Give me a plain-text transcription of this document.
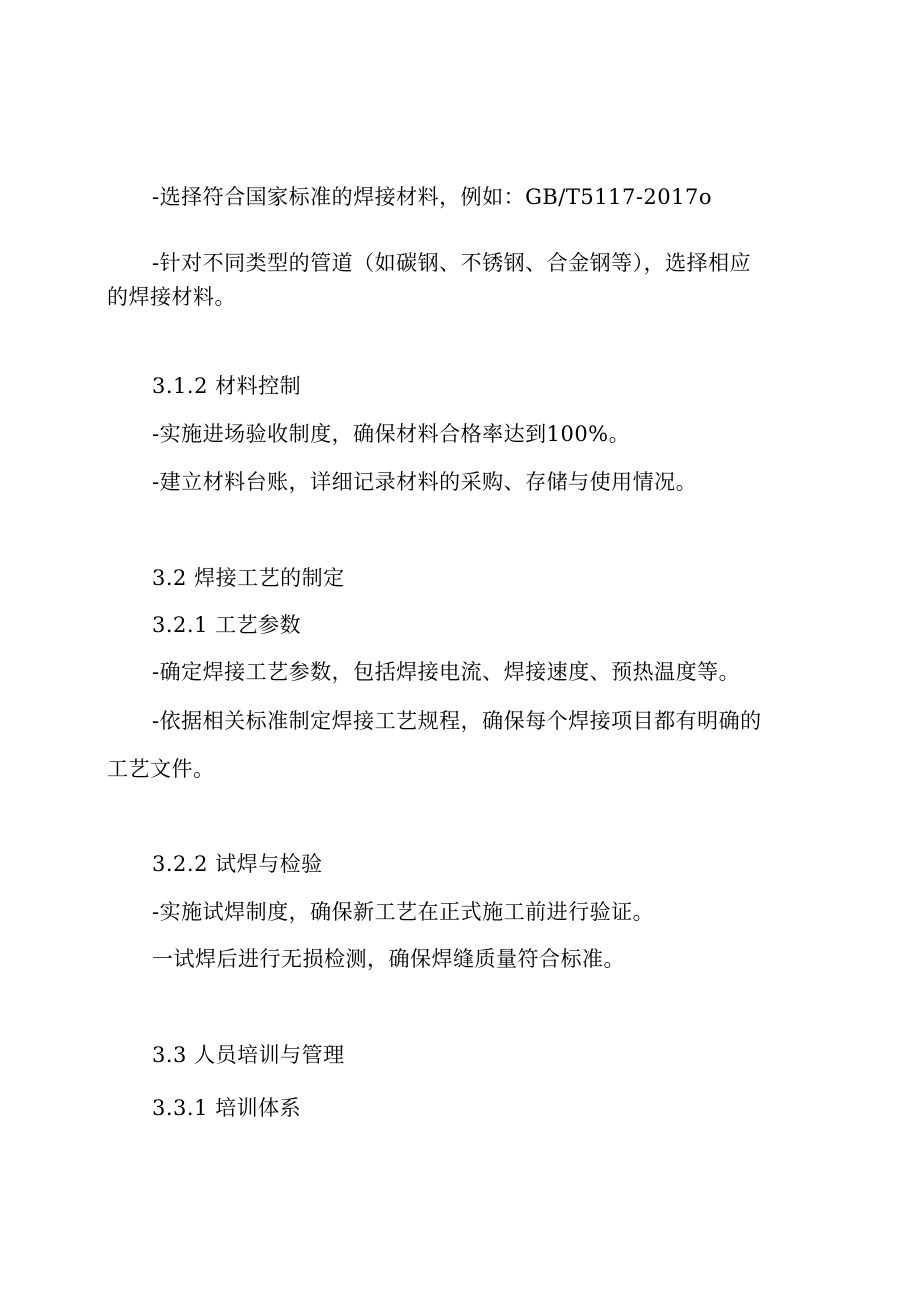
-选择符合国家标准的焊接材料，例如：GB/T5117-2017o
-针对不同类型的管道（如碳钢、不锈钢、合金钢等），选择相应
的焊接材料。
3.1.2 材料控制
-实施进场验收制度，确保材料合格率达到100%。
-建立材料台账，详细记录材料的采购、存储与使用情况。
3.2 焊接工艺的制定
3.2.1 工艺参数
-确定焊接工艺参数，包括焊接电流、焊接速度、预热温度等。
-依据相关标准制定焊接工艺规程，确保每个焊接项目都有明确的
工艺文件。
3.2.2 试焊与检验
-实施试焊制度，确保新工艺在正式施工前进行验证。
一试焊后进行无损检测，确保焊缝质量符合标准。
3.3 人员培训与管理
3.3.1 培训体系
